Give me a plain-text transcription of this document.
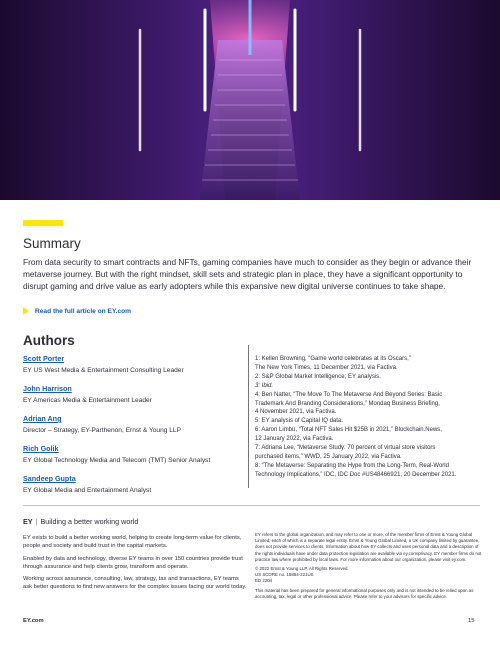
Summary

From data security to smart contracts and NFTs, gaming companies have much to consider as they begin or advance their metaverse journey. But with the right mindset, skill sets and strategic plan in place, they have a significant opportunity to disrupt gaming and drive value as early adopters while this expansive new digital universe continues to take shape.

Read the full article on EY.com
Authors
Scott Porter
EY US West Media & Entertainment Consulting Leader
John Harrison
EY Americas Media & Entertainment Leader
Adrian Ang
Director – Strategy, EY-Parthenon, Ernst & Young LLP
Rich Golik
EY Global Technology Media and Telecom (TMT) Senior Analyst
Sandeep Gupta
EY Global Media and Entertainment Analyst
1: Kellen Browning, “Game world celebrates at its Oscars,”
The New York Times, 11 December 2021, via Factiva.
2: S&P Global Market Intelligence; EY analysis.
3: Ibid.
4: Ben Natter, “The Move To The Metaverse And Beyond Series: Basic
Trademark And Branding Considerations,” Mondaq Business Briefing,
4 November 2021, via Factiva.
5: EY analysis of Capital IQ data.
6: Aaron Limbu, “Total NFT Sales Hit $25B in 2021,” Blockchain.News,
12 January 2022, via Factiva.
7: Adriana Lee, “Metaverse Study: 70 percent of virtual store visitors
purchased items,” WWD, 25 January 2022, via Factiva.
8: “The Metaverse: Separating the Hype from the Long-Term, Real-World
Technology Implications,” IDC, IDC Doc #US48466921, 20 December 2021.
EY | Building a better working world

EY exists to build a better working world, helping to create long-term value for clients, people and society and build trust in the capital markets.

Enabled by data and technology, diverse EY teams in over 150 countries provide trust through assurance and help clients grow, transform and operate.

Working across assurance, consulting, law, strategy, tax and transactions, EY teams ask better questions to find new answers for the complex issues facing our world today.

EY refers to the global organization, and may refer to one or more, of the member firms of Ernst & Young Global Limited, each of which is a separate legal entity. Ernst & Young Global Limited, a UK company limited by guarantee, does not provide services to clients. Information about how EY collects and uses personal data and a description of the rights individuals have under data protection legislation are available via ey.com/privacy. EY member firms do not practice law where prohibited by local laws. For more information about our organization, please visit ey.com.

© 2022 Ernst & Young LLP. All Rights Reserved.

US SCORE no. 15854-221US

ED 2204

This material has been prepared for general informational purposes only and is not intended to be relied upon as accounting, tax, legal or other professional advice. Please refer to your advisors for specific advice.

EY.com	15
